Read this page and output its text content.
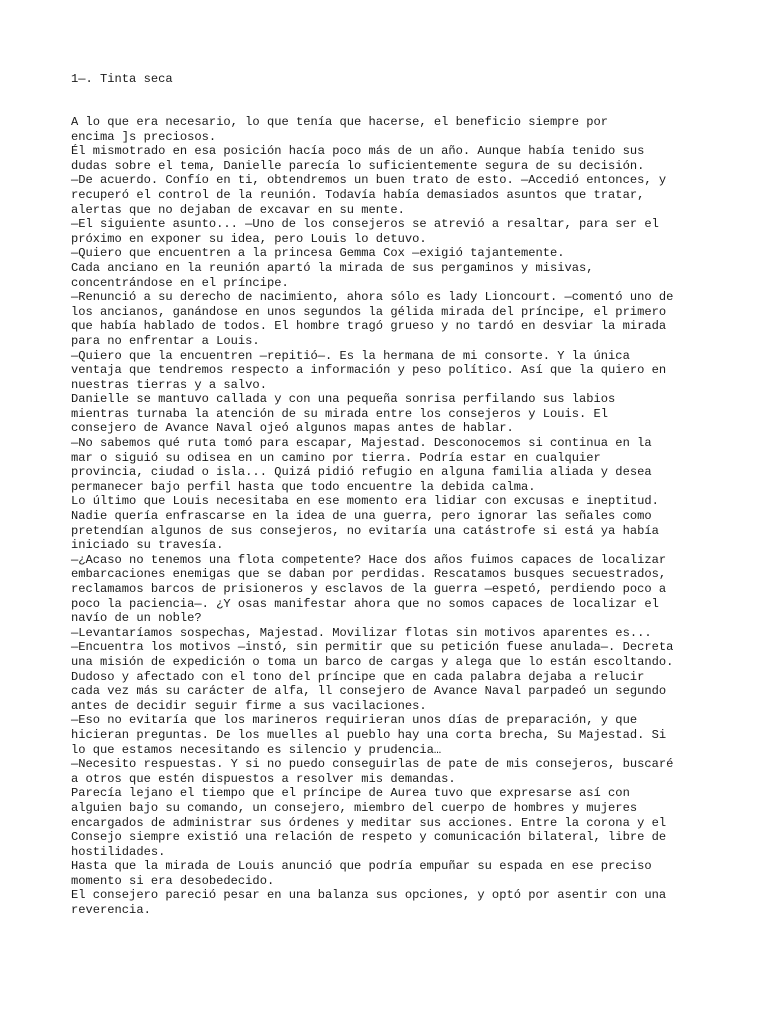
1—. Tinta seca
A lo que era necesario, lo que tenía que hacerse, el beneficio siempre por
encima ]s preciosos.
Él mismotrado en esa posición hacía poco más de un año. Aunque había tenido sus
dudas sobre el tema, Danielle parecía lo suficientemente segura de su decisión.
—De acuerdo. Confío en ti, obtendremos un buen trato de esto. —Accedió entonces, y
recuperó el control de la reunión. Todavía había demasiados asuntos que tratar,
alertas que no dejaban de excavar en su mente.
—El siguiente asunto... —Uno de los consejeros se atrevió a resaltar, para ser el
próximo en exponer su idea, pero Louis lo detuvo.
—Quiero que encuentren a la princesa Gemma Cox —exigió tajantemente.
Cada anciano en la reunión apartó la mirada de sus pergaminos y misivas,
concentrándose en el príncipe.
—Renunció a su derecho de nacimiento, ahora sólo es lady Lioncourt. —comentó uno de
los ancianos, ganándose en unos segundos la gélida mirada del príncipe, el primero
que había hablado de todos. El hombre tragó grueso y no tardó en desviar la mirada
para no enfrentar a Louis.
—Quiero que la encuentren —repitió—. Es la hermana de mi consorte. Y la única
ventaja que tendremos respecto a información y peso político. Así que la quiero en
nuestras tierras y a salvo.
Danielle se mantuvo callada y con una pequeña sonrisa perfilando sus labios
mientras turnaba la atención de su mirada entre los consejeros y Louis. El
consejero de Avance Naval ojeó algunos mapas antes de hablar.
—No sabemos qué ruta tomó para escapar, Majestad. Desconocemos si continua en la
mar o siguió su odisea en un camino por tierra. Podría estar en cualquier
provincia, ciudad o isla... Quizá pidió refugio en alguna familia aliada y desea
permanecer bajo perfil hasta que todo encuentre la debida calma.
Lo último que Louis necesitaba en ese momento era lidiar con excusas e ineptitud.
Nadie quería enfrascarse en la idea de una guerra, pero ignorar las señales como
pretendían algunos de sus consejeros, no evitaría una catástrofe si está ya había
iniciado su travesía.
—¿Acaso no tenemos una flota competente? Hace dos años fuimos capaces de localizar
embarcaciones enemigas que se daban por perdidas. Rescatamos busques secuestrados,
reclamamos barcos de prisioneros y esclavos de la guerra —espetó, perdiendo poco a
poco la paciencia—. ¿Y osas manifestar ahora que no somos capaces de localizar el
navío de un noble?
—Levantaríamos sospechas, Majestad. Movilizar flotas sin motivos aparentes es...
—Encuentra los motivos —instó, sin permitir que su petición fuese anulada—. Decreta
una misión de expedición o toma un barco de cargas y alega que lo están escoltando.
Dudoso y afectado con el tono del príncipe que en cada palabra dejaba a relucir
cada vez más su carácter de alfa, ll consejero de Avance Naval parpadeó un segundo
antes de decidir seguir firme a sus vacilaciones.
—Eso no evitaría que los marineros requirieran unos días de preparación, y que
hicieran preguntas. De los muelles al pueblo hay una corta brecha, Su Majestad. Si
lo que estamos necesitando es silencio y prudencia…
—Necesito respuestas. Y si no puedo conseguirlas de pate de mis consejeros, buscaré
a otros que estén dispuestos a resolver mis demandas.
Parecía lejano el tiempo que el príncipe de Aurea tuvo que expresarse así con
alguien bajo su comando, un consejero, miembro del cuerpo de hombres y mujeres
encargados de administrar sus órdenes y meditar sus acciones. Entre la corona y el
Consejo siempre existió una relación de respeto y comunicación bilateral, libre de
hostilidades.
Hasta que la mirada de Louis anunció que podría empuñar su espada en ese preciso
momento si era desobedecido.
El consejero pareció pesar en una balanza sus opciones, y optó por asentir con una
reverencia.
